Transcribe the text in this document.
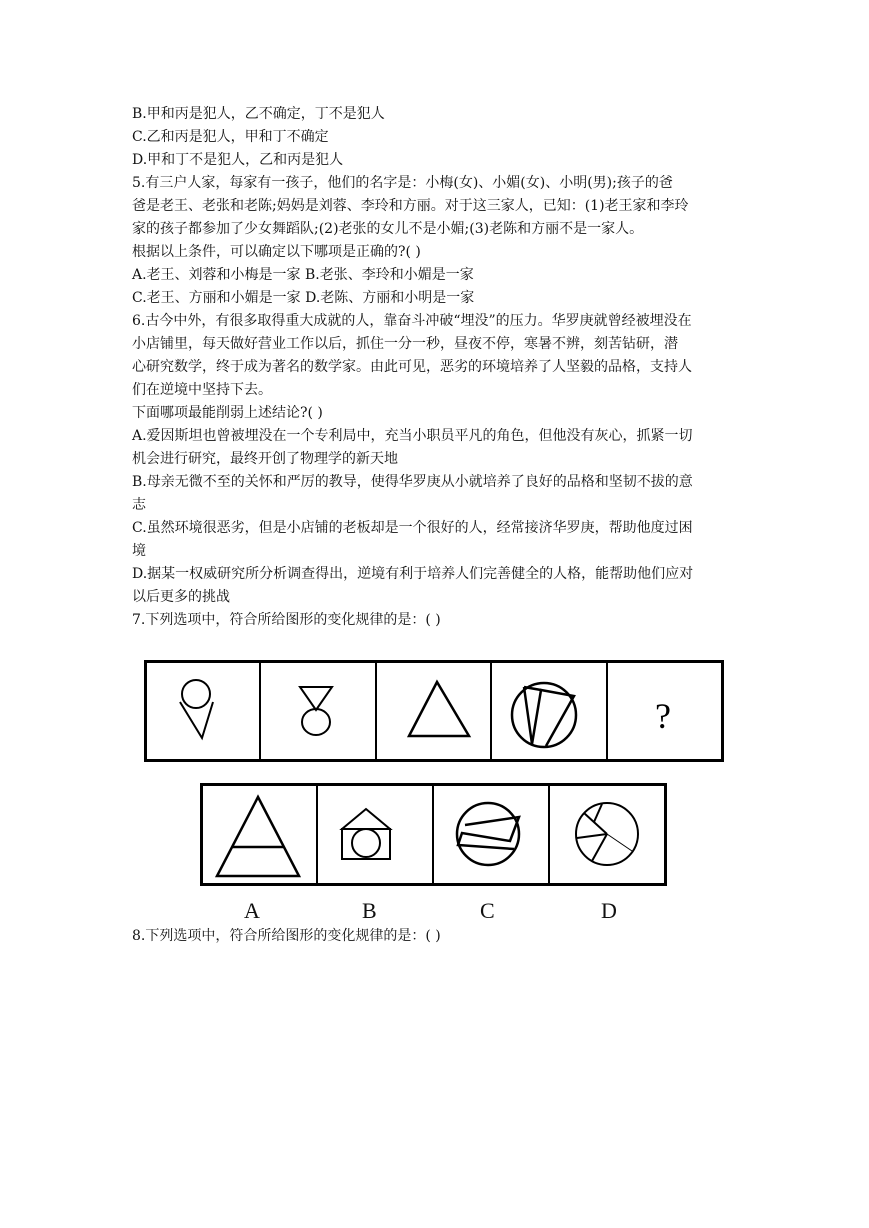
B.甲和丙是犯人，乙不确定，丁不是犯人
C.乙和丙是犯人，甲和丁不确定
D.甲和丁不是犯人，乙和丙是犯人
5.有三户人家，每家有一孩子，他们的名字是：小梅(女)、小媚(女)、小明(男);孩子的爸
爸是老王、老张和老陈;妈妈是刘蓉、李玲和方丽。对于这三家人，已知：(1)老王家和李玲
家的孩子都参加了少女舞蹈队;(2)老张的女儿不是小媚;(3)老陈和方丽不是一家人。
根据以上条件，可以确定以下哪项是正确的?( )
A.老王、刘蓉和小梅是一家 B.老张、李玲和小媚是一家
C.老王、方丽和小媚是一家 D.老陈、方丽和小明是一家
6.古今中外，有很多取得重大成就的人，靠奋斗冲破“埋没”的压力。华罗庚就曾经被埋没在
小店铺里，每天做好营业工作以后，抓住一分一秒，昼夜不停，寒暑不辨，刻苦钻研，潜
心研究数学，终于成为著名的数学家。由此可见，恶劣的环境培养了人坚毅的品格，支持人
们在逆境中坚持下去。
下面哪项最能削弱上述结论?( )
A.爱因斯坦也曾被埋没在一个专利局中，充当小职员平凡的角色，但他没有灰心，抓紧一切
机会进行研究，最终开创了物理学的新天地
B.母亲无微不至的关怀和严厉的教导，使得华罗庚从小就培养了良好的品格和坚韧不拔的意
志
C.虽然环境很恶劣，但是小店铺的老板却是一个很好的人，经常接济华罗庚，帮助他度过困
境
D.据某一权威研究所分析调查得出，逆境有利于培养人们完善健全的人格，能帮助他们应对
以后更多的挑战
7.下列选项中，符合所给图形的变化规律的是：( )
?
A	B	C	D
8.下列选项中，符合所给图形的变化规律的是：( )
